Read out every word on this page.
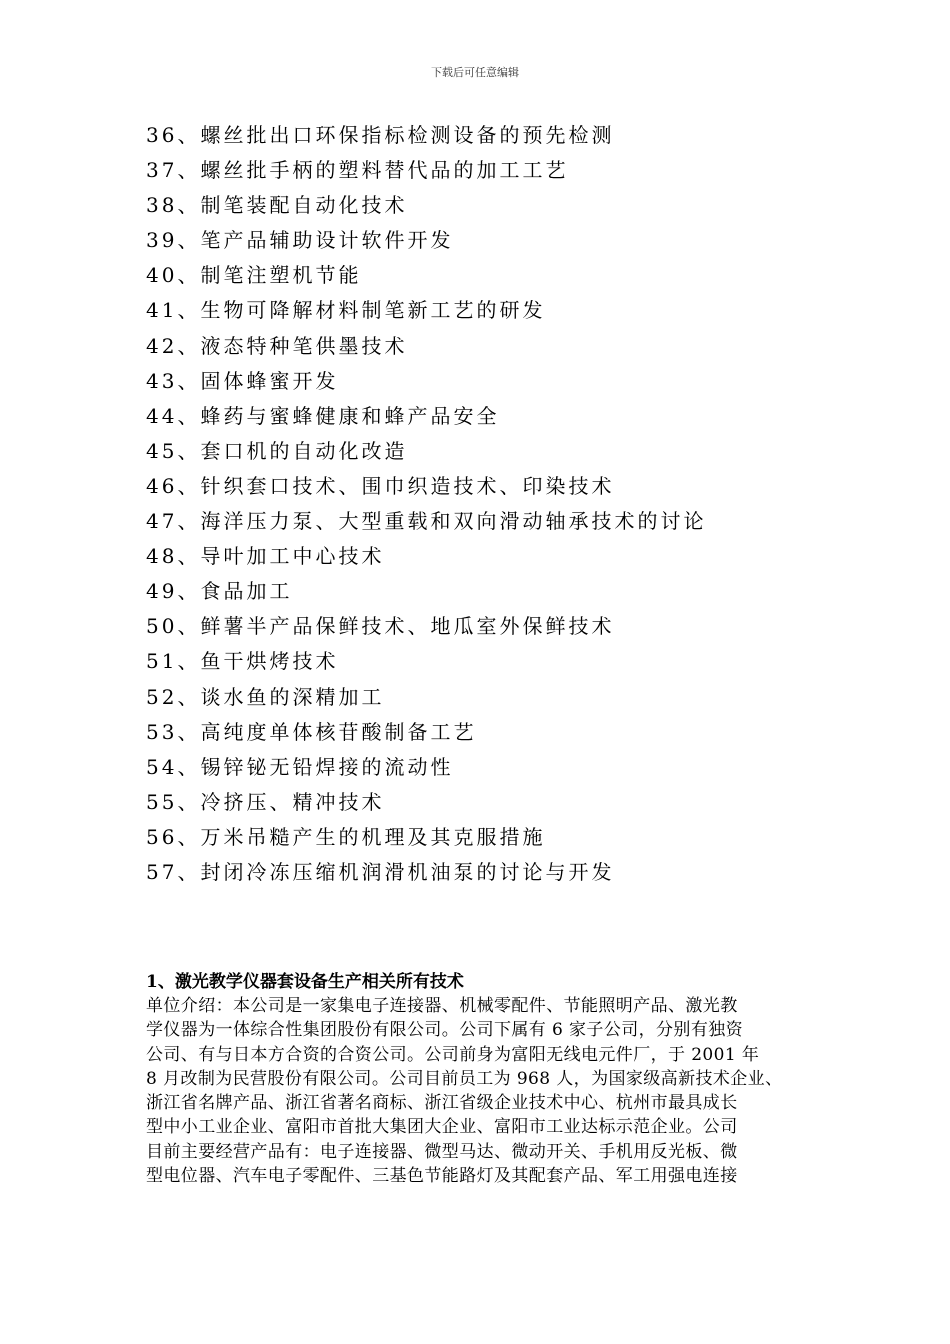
下载后可任意编辑
36、螺丝批出口环保指标检测设备的预先检测
37、螺丝批手柄的塑料替代品的加工工艺
38、制笔装配自动化技术
39、笔产品辅助设计软件开发
40、制笔注塑机节能
41、生物可降解材料制笔新工艺的研发
42、液态特种笔供墨技术
43、固体蜂蜜开发
44、蜂药与蜜蜂健康和蜂产品安全
45、套口机的自动化改造
46、针织套口技术、围巾织造技术、印染技术
47、海洋压力泵、大型重载和双向滑动轴承技术的讨论
48、导叶加工中心技术
49、食品加工
50、鲜薯半产品保鲜技术、地瓜室外保鲜技术
51、鱼干烘烤技术
52、谈水鱼的深精加工
53、高纯度单体核苷酸制备工艺
54、锡锌铋无铅焊接的流动性
55、冷挤压、精冲技术
56、万米吊糙产生的机理及其克服措施
57、封闭冷冻压缩机润滑机油泵的讨论与开发
1、激光教学仪器套设备生产相关所有技术
单位介绍：本公司是一家集电子连接器、机械零配件、节能照明产品、激光教
学仪器为一体综合性集团股份有限公司。公司下属有 6 家子公司，分别有独资
公司、有与日本方合资的合资公司。公司前身为富阳无线电元件厂，于 2001 年
8 月改制为民营股份有限公司。公司目前员工为 968 人，为国家级高新技术企业、
浙江省名牌产品、浙江省著名商标、浙江省级企业技术中心、杭州市最具成长
型中小工业企业、富阳市首批大集团大企业、富阳市工业达标示范企业。公司
目前主要经营产品有：电子连接器、微型马达、微动开关、手机用反光板、微
型电位器、汽车电子零配件、三基色节能路灯及其配套产品、军工用强电连接
